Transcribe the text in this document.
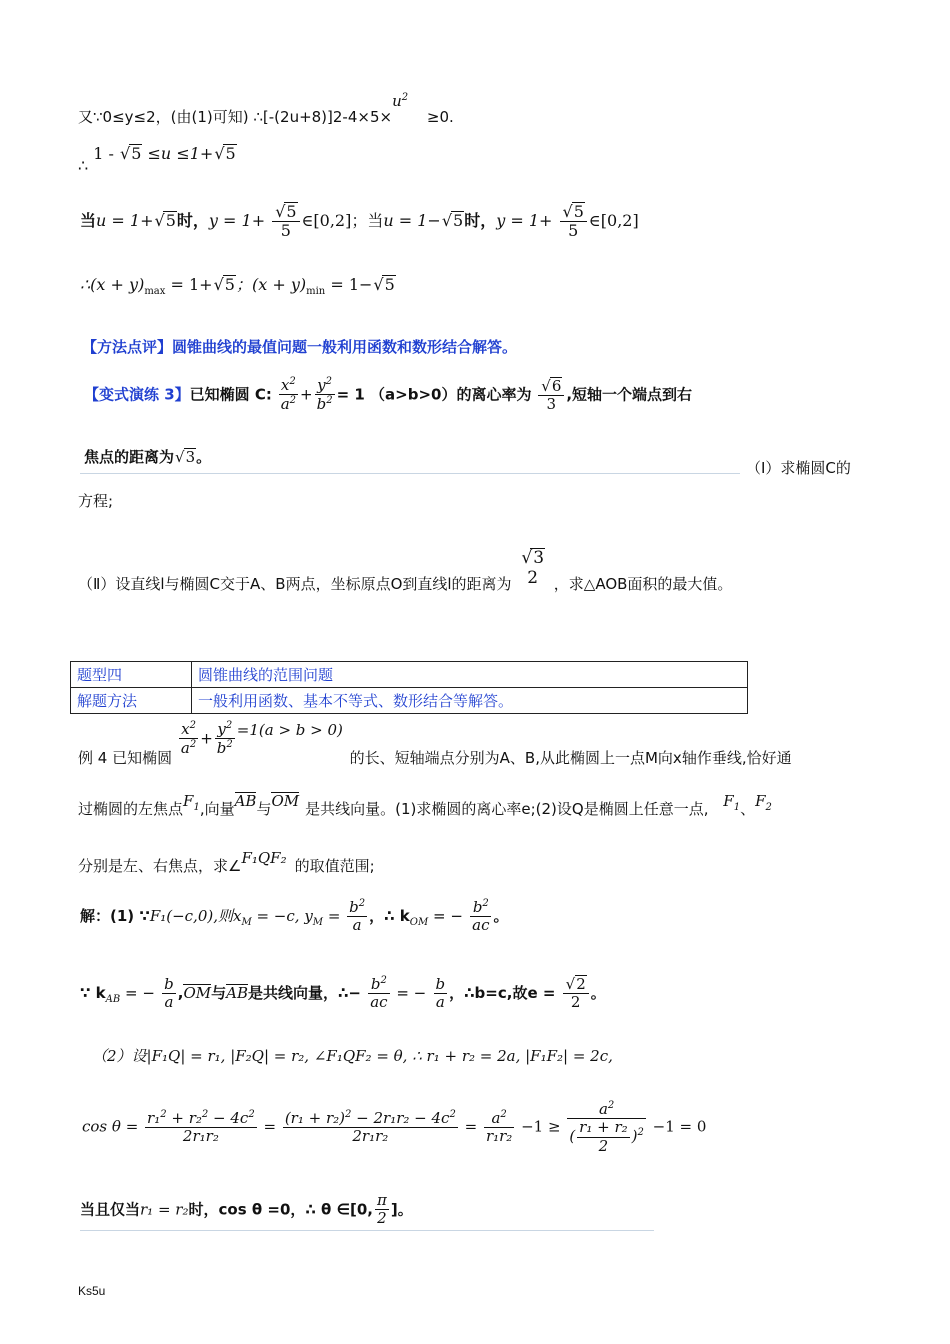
又∵0≤y≤2，(由(1)可知) $\therefore[-(2u+8)]2-4\times 5\times u^2 \ge 0$.
∴ 1 - √ 5 ≤u ≤1+ √ 5
当u = 1+ √ 5时，y = 1+ √ $\frac{5}{5}$ ∈[0,2]；当u = 1− √ 5时，y = 1+ √ $\frac{5}{5}$ ∈[0,2]
∴(x + $y)_{max} = 1+$ √ 5；$(x + y)_{min} = 1-$ √ 5
【方法点评】圆锥曲线的最值问题一般利用函数和数形结合解答。
【变式演练 3】已知椭圆 C: $\frac{x^2}{a^2} + \frac{y^2}{b^2} = 1$ （a>b>0）的离心率为 √ $\frac{6}{3}$ ,短轴一个端点到右
焦点的距离为 √ 3。
（Ⅰ）求椭圆C的
方程;
（Ⅱ）设直线l与椭圆C交于A、B两点，坐标原点O到直线l的距离为
√ 3
2	，求△AOB面积的最大值。
题型四	圆锥曲线的范围问题
解题方法	一般利用函数、基本不等式、数形结合等解答。
例 4 已知椭圆
$\frac{x^2}{a^2} + \frac{y^2}{b^2} =1(a > b > 0)$ 的长、短轴端点分别为A、B,从此椭圆上一点M向x轴作垂线,恰好通
过椭圆的左焦点$F_1$,向量AB与OM 是共线向量。(1)求椭圆的离心率e;(2)设Q是椭圆上任意一点, $F_1$、$F_2$
分别是左、右焦点，求∠F₁QF₂ 的取值范围;
解：(1) ∵F₁(−c,0),则$x_M = -c$, $y_M = \frac{b^2}{a}$ ，∴ $k_{OM}$ = − $\frac{b^2}{ac}$ 。
∵ $k_{AB}$ = − $\frac{b}{a} ,OM$与AB是共线向量，∴− $\frac{b^2}{ac}$ = − $\frac{b}{a}$ ，∴b=c,故e = √ $\frac{2}{2}$ 。
（2）设|F₁Q| = r₁, |F₂Q| = r₂, ∠F₁QF₂ = θ, ∴ r₁ + r₂ = 2a, |F₁F₂| = 2c,
$\cos \theta = \frac{r_1^2 + r_2^2 - 4c^2}{\text{2r₁r₂}} = \frac{(r_1 + r_2)^2 - 2r_1r_2 - 4c^2}{\text{2r₁r₂}} = \frac{a^2}{\text{r₁r₂}} -1 \ge \frac{a^2}{( \frac{\text{r₁ + r₂}}{2} )^2} -1 = 0$
当且仅当r₁ = r₂时，cos θ =0，∴ θ ∈[0, $\frac{\pi}{2}$ ]。
Ks5u
